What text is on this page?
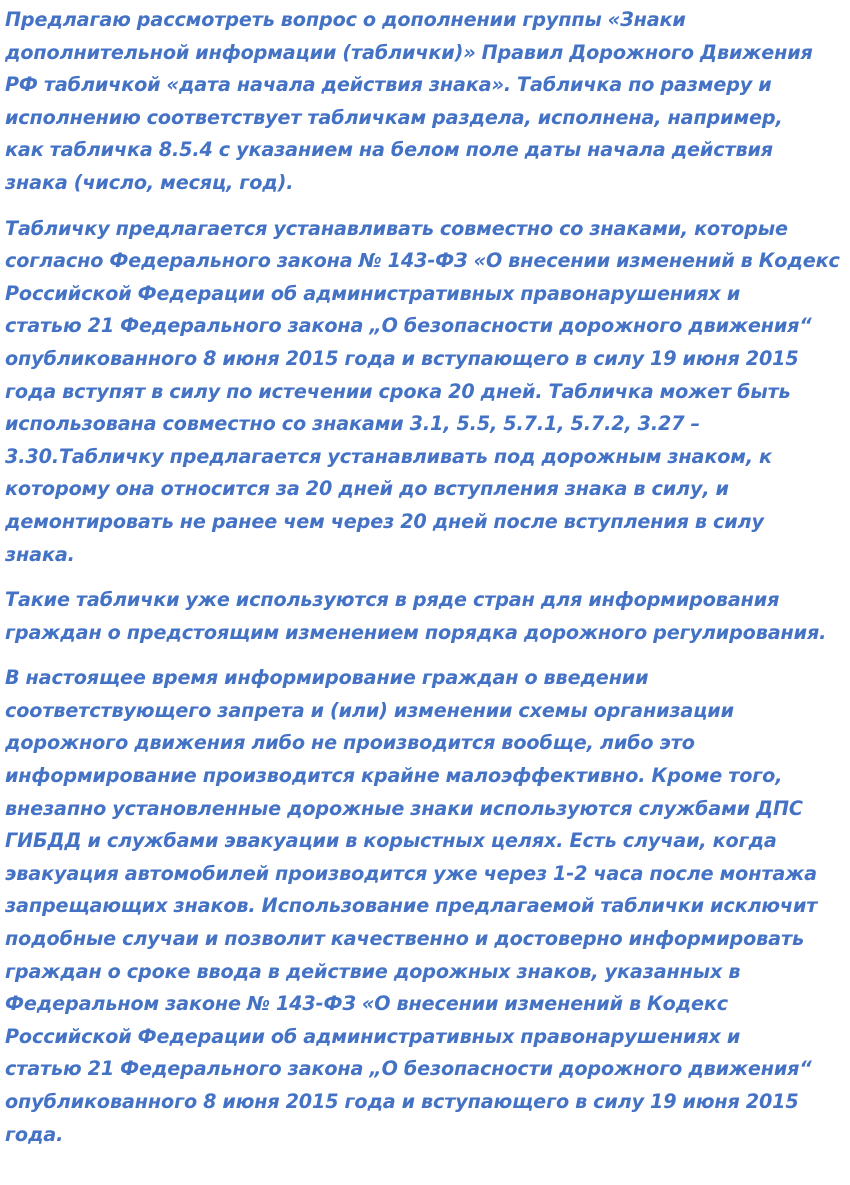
Предлагаю рассмотреть вопрос о дополнении группы «Знаки
дополнительной информации (таблички)» Правил Дорожного Движения
РФ табличкой «дата начала действия знака». Табличка по размеру и
исполнению соответствует табличкам раздела, исполнена, например,
как табличка 8.5.4 с указанием на белом поле даты начала действия
знака (число, месяц, год).
Табличку предлагается устанавливать совместно со знаками, которые
согласно Федерального закона № 143-ФЗ «О внесении изменений в Кодекс
Российской Федерации об административных правонарушениях и
статью 21 Федерального закона „О безопасности дорожного движения“
опубликованного 8 июня 2015 года и вступающего в силу 19 июня 2015
года вступят в силу по истечении срока 20 дней. Табличка может быть
использована совместно со знаками 3.1, 5.5, 5.7.1, 5.7.2, 3.27 –
3.30.Табличку предлагается устанавливать под дорожным знаком, к
которому она относится за 20 дней до вступления знака в силу, и
демонтировать не ранее чем через 20 дней после вступления в силу
знака.
Такие таблички уже используются в ряде стран для информирования
граждан о предстоящим изменением порядка дорожного регулирования.
В настоящее время информирование граждан о введении
соответствующего запрета и (или) изменении схемы организации
дорожного движения либо не производится вообще, либо это
информирование производится крайне малоэффективно. Кроме того,
внезапно установленные дорожные знаки используются службами ДПС
ГИБДД и службами эвакуации в корыстных целях. Есть случаи, когда
эвакуация автомобилей производится уже через 1-2 часа после монтажа
запрещающих знаков. Использование предлагаемой таблички исключит
подобные случаи и позволит качественно и достоверно информировать
граждан о сроке ввода в действие дорожных знаков, указанных в
Федеральном законе № 143-ФЗ «О внесении изменений в Кодекс
Российской Федерации об административных правонарушениях и
статью 21 Федерального закона „О безопасности дорожного движения“
опубликованного 8 июня 2015 года и вступающего в силу 19 июня 2015
года.
